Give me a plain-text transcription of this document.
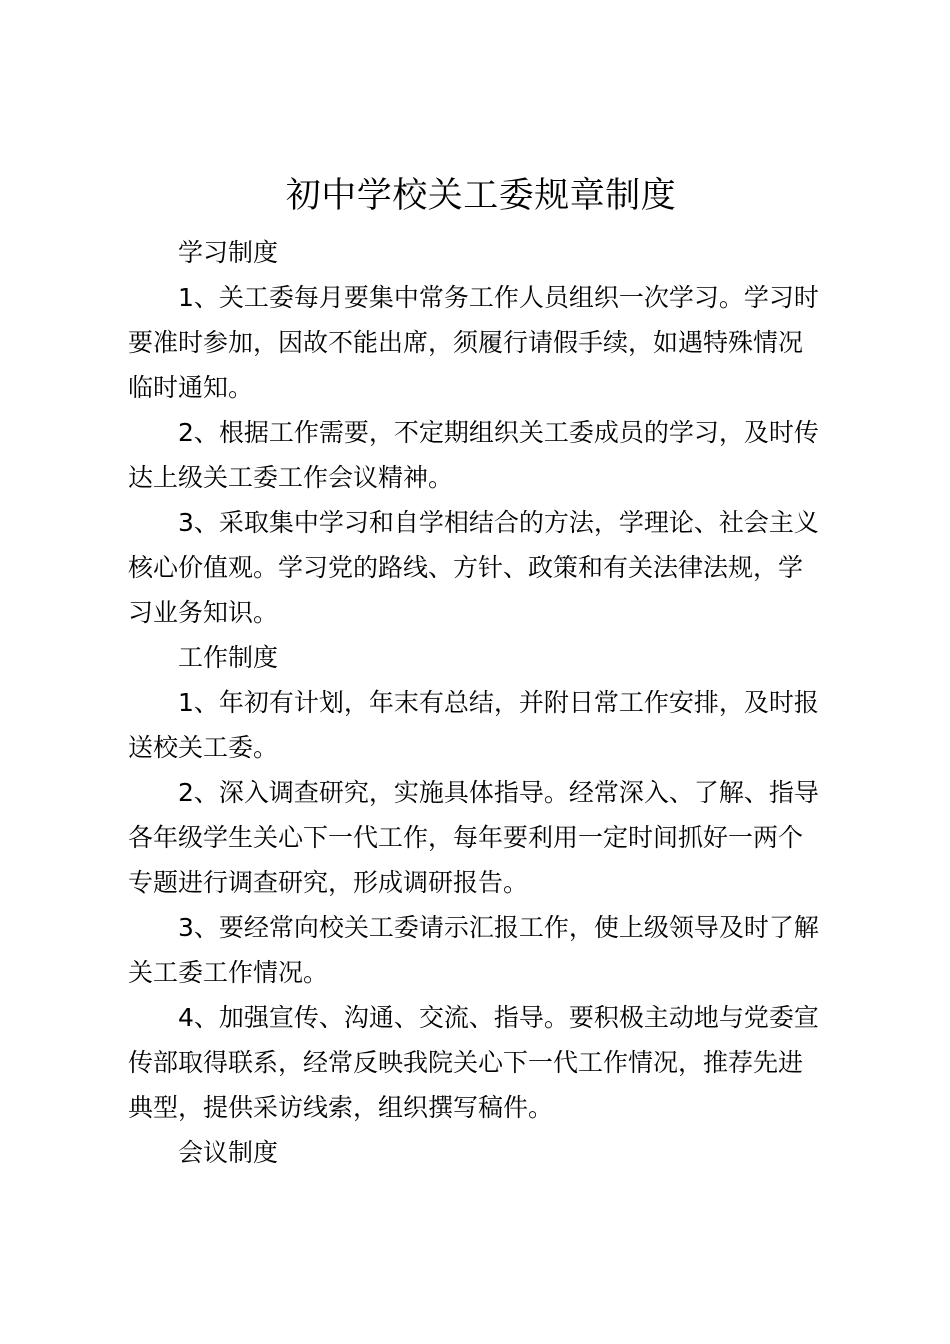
初中学校关工委规章制度

学习制度

1、关工委每月要集中常务工作人员组织一次学习。学习时

要准时参加，因故不能出席，须履行请假手续，如遇特殊情况

临时通知。

2、根据工作需要，不定期组织关工委成员的学习，及时传

达上级关工委工作会议精神。

3、采取集中学习和自学相结合的方法，学理论、社会主义

核心价值观。学习党的路线、方针、政策和有关法律法规，学

习业务知识。

工作制度

1、年初有计划，年末有总结，并附日常工作安排，及时报

送校关工委。

2、深入调查研究，实施具体指导。经常深入、了解、指导

各年级学生关心下一代工作，每年要利用一定时间抓好一两个

专题进行调查研究，形成调研报告。

3、要经常向校关工委请示汇报工作，使上级领导及时了解

关工委工作情况。

4、加强宣传、沟通、交流、指导。要积极主动地与党委宣

传部取得联系，经常反映我院关心下一代工作情况，推荐先进

典型，提供采访线索，组织撰写稿件。

会议制度
